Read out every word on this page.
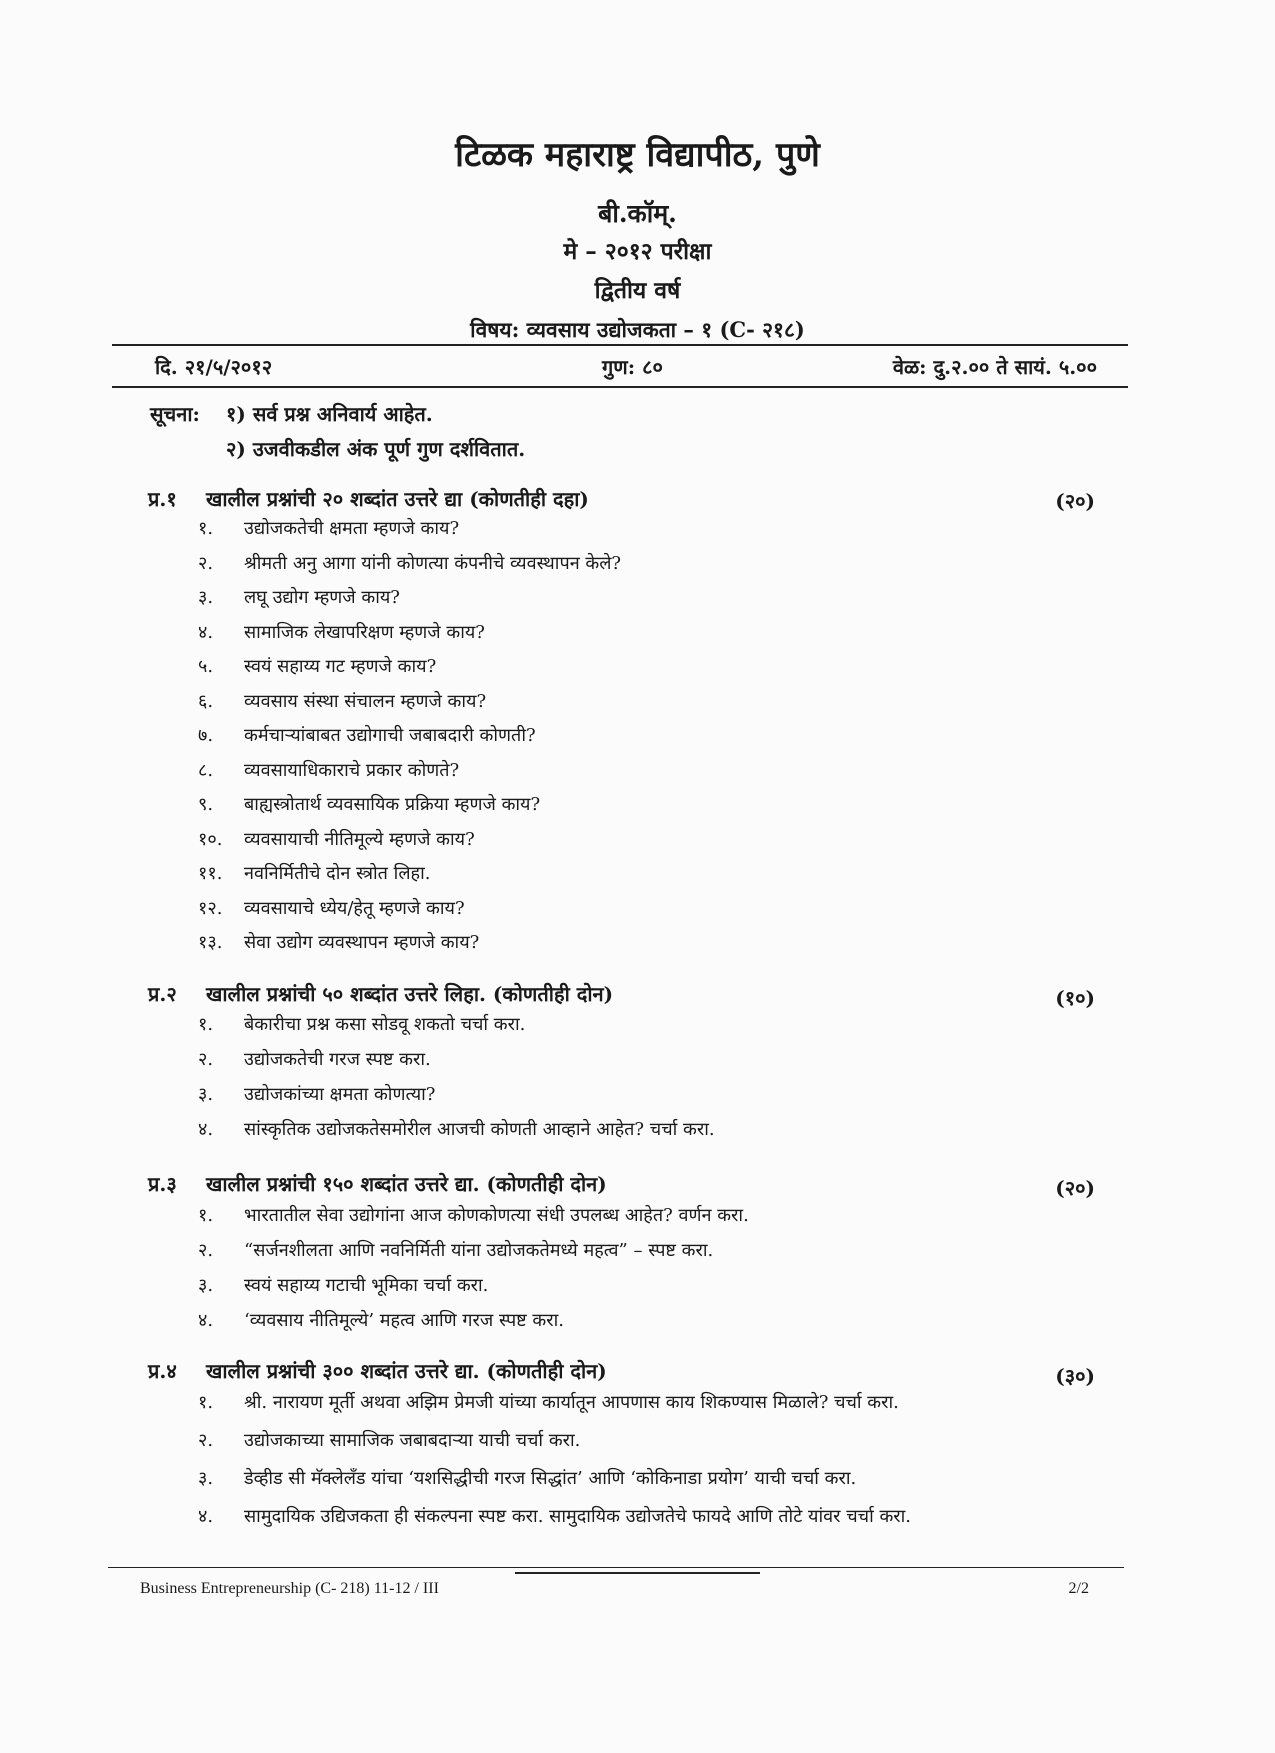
टिळक महाराष्ट्र विद्यापीठ, पुणे
बी.कॉम्.
मे – २०१२ परीक्षा
द्वितीय वर्ष
विषय: व्यवसाय उद्योजकता – १ (C- २१८)
दि. २१/५/२०१२	गुण: ८०	वेळ: दु.२.०० ते सायं. ५.००
सूचना: १) सर्व प्रश्न अनिवार्य आहेत.
२) उजवीकडील अंक पूर्ण गुण दर्शवितात.
प्र.१ खालील प्रश्नांची २० शब्दांत उत्तरे द्या (कोणतीही दहा)	(२०)
१. उद्योजकतेची क्षमता म्हणजे काय?
२. श्रीमती अनु आगा यांनी कोणत्या कंपनीचे व्यवस्थापन केले?
३. लघू उद्योग म्हणजे काय?
४. सामाजिक लेखापरिक्षण म्हणजे काय?
५. स्वयं सहाय्य गट म्हणजे काय?
६. व्यवसाय संस्था संचालन म्हणजे काय?
७. कर्मचाऱ्यांबाबत उद्योगाची जबाबदारी कोणती?
८. व्यवसायाधिकाराचे प्रकार कोणते?
९. बाह्यस्त्रोतार्थ व्यवसायिक प्रक्रिया म्हणजे काय?
१०. व्यवसायाची नीतिमूल्ये म्हणजे काय?
११. नवनिर्मितीचे दोन स्त्रोत लिहा.
१२. व्यवसायाचे ध्येय/हेतू म्हणजे काय?
१३. सेवा उद्योग व्यवस्थापन म्हणजे काय?
प्र.२ खालील प्रश्नांची ५० शब्दांत उत्तरे लिहा. (कोणतीही दोन)	(१०)
१. बेकारीचा प्रश्न कसा सोडवू शकतो चर्चा करा.
२. उद्योजकतेची गरज स्पष्ट करा.
३. उद्योजकांच्या क्षमता कोणत्या?
४. सांस्कृतिक उद्योजकतेसमोरील आजची कोणती आव्हाने आहेत? चर्चा करा.
प्र.३ खालील प्रश्नांची १५० शब्दांत उत्तरे द्या. (कोणतीही दोन)	(२०)
१. भारतातील सेवा उद्योगांना आज कोणकोणत्या संधी उपलब्ध आहेत? वर्णन करा.
२. “सर्जनशीलता आणि नवनिर्मिती यांना उद्योजकतेमध्ये महत्व” – स्पष्ट करा.
३. स्वयं सहाय्य गटाची भूमिका चर्चा करा.
४. ‘व्यवसाय नीतिमूल्ये’ महत्व आणि गरज स्पष्ट करा.
प्र.४ खालील प्रश्नांची ३०० शब्दांत उत्तरे द्या. (कोणतीही दोन)	(३०)
१. श्री. नारायण मूर्ती अथवा अझिम प्रेमजी यांच्या कार्यातून आपणास काय शिकण्यास मिळाले? चर्चा करा.
२. उद्योजकाच्या सामाजिक जबाबदाऱ्या याची चर्चा करा.
३. डेव्हीड सी मॅक्लेलँड यांचा ‘यशसिद्धीची गरज सिद्धांत’ आणि ‘कोकिनाडा प्रयोग’ याची चर्चा करा.
४. सामुदायिक उद्यिजकता ही संकल्पना स्पष्ट करा. सामुदायिक उद्योजतेचे फायदे आणि तोटे यांवर चर्चा करा.
Business Entrepreneurship (C- 218) 11-12 / III	2/2
